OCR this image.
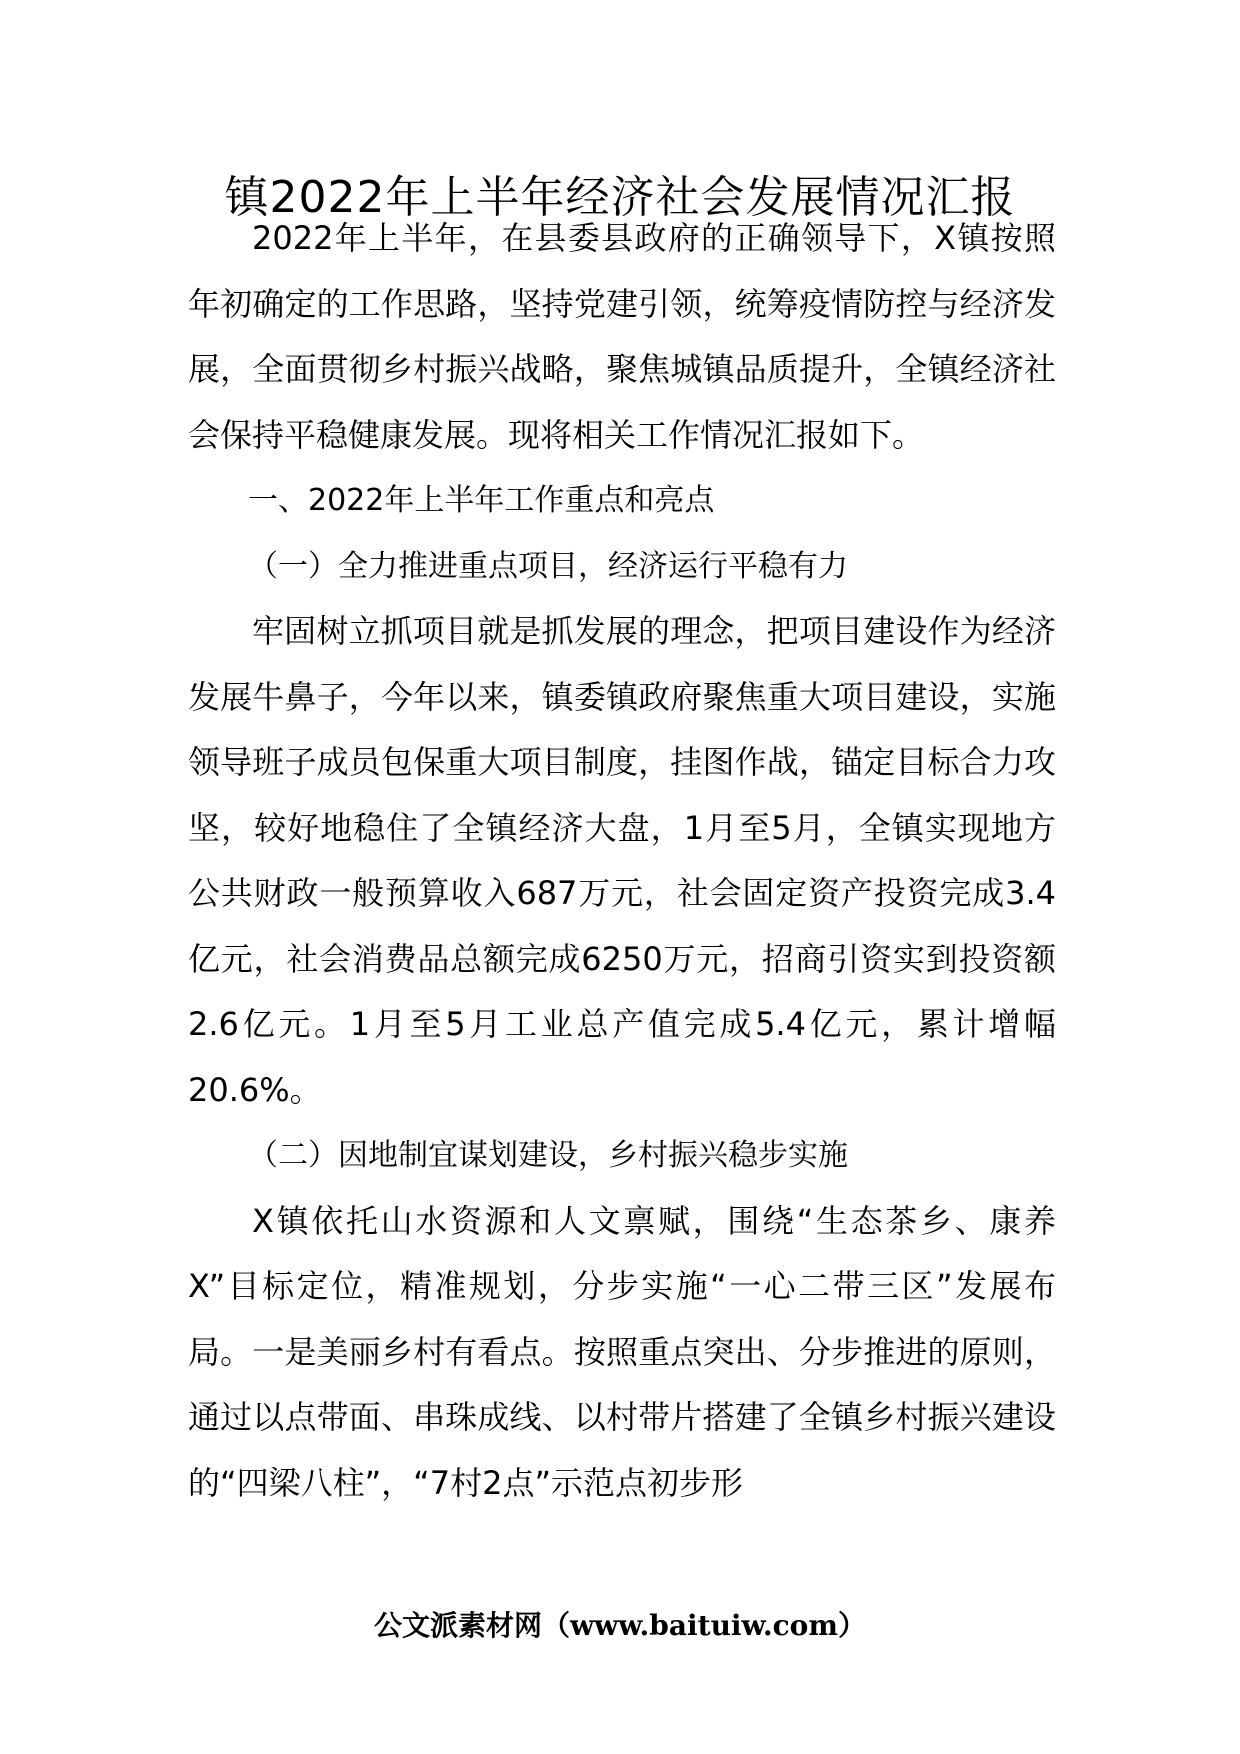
镇2022年上半年经济社会发展情况汇报

2022年上半年，在县委县政府的正确领导下，X镇按照年初确定的工作思路，坚持党建引领，统筹疫情防控与经济发展，全面贯彻乡村振兴战略，聚焦城镇品质提升，全镇经济社会保持平稳健康发展。现将相关工作情况汇报如下。

一、2022年上半年工作重点和亮点

（一）全力推进重点项目，经济运行平稳有力

牢固树立抓项目就是抓发展的理念，把项目建设作为经济发展牛鼻子，今年以来，镇委镇政府聚焦重大项目建设，实施领导班子成员包保重大项目制度，挂图作战，锚定目标合力攻坚，较好地稳住了全镇经济大盘，1月至5月，全镇实现地方公共财政一般预算收入687万元，社会固定资产投资完成3.4亿元，社会消费品总额完成6250万元，招商引资实到投资额2.6亿元。1月至5月工业总产值完成5.4亿元，累计增幅20.6%。

（二）因地制宜谋划建设，乡村振兴稳步实施

X镇依托山水资源和人文禀赋，围绕“生态茶乡、康养X”目标定位，精准规划，分步实施“一心二带三区”发展布局。一是美丽乡村有看点。按照重点突出、分步推进的原则，通过以点带面、串珠成线、以村带片搭建了全镇乡村振兴建设的“四梁八柱”，“7村2点”示范点初步形

公文派素材网（www.baituiw.com）
